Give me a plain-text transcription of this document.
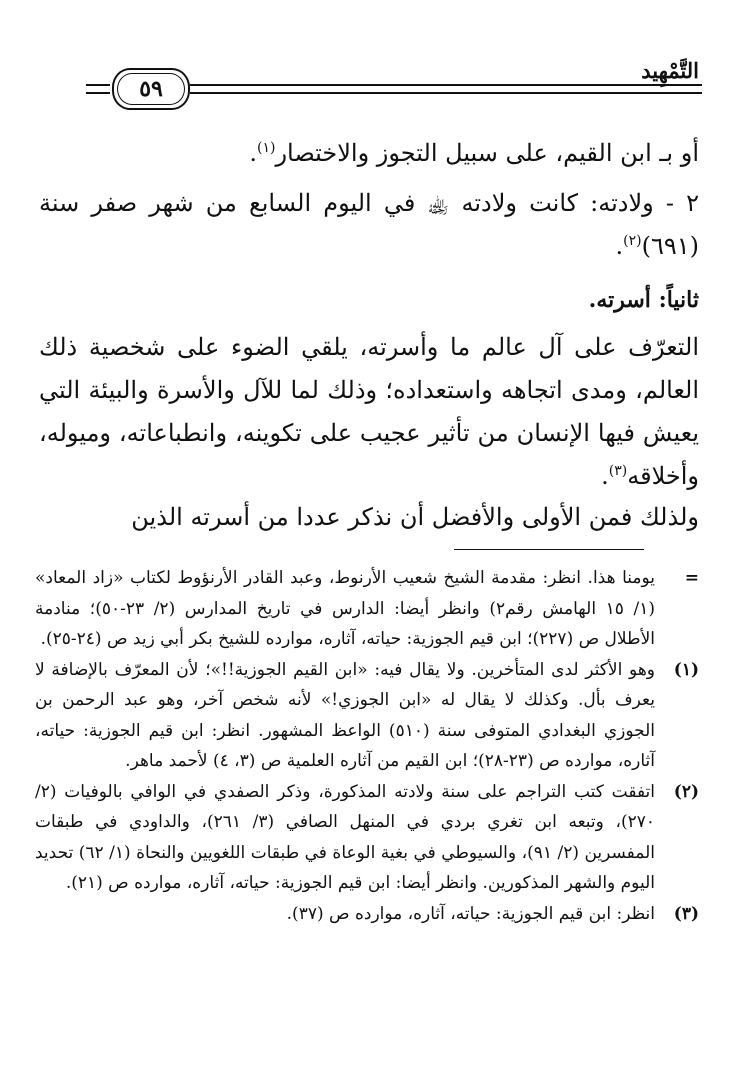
التَّمْهِيد
٥٩
أو بـ ابن القيم، على سبيل التجوز والاختصار$^{(١)}$.
٢ - ولادته: كانت ولادته ﵀ في اليوم السابع من شهر صفر سنة (٦٩١)$^{(٢)}$.
ثانياً: أسرته.
التعرّف على آل عالم ما وأسرته، يلقي الضوء على شخصية ذلك العالم، ومدى اتجاهه واستعداده؛ وذلك لما للآل والأسرة والبيئة التي يعيش فيها الإنسان من تأثير عجيب على تكوينه، وانطباعاته، وميوله، وأخلاقه$^{(٣)}$.
ولذلك فمن الأولى والأفضل أن نذكر عددا من أسرته الذين
=
يومنا هذا. انظر: مقدمة الشيخ شعيب الأرنوط، وعبد القادر الأرنؤوط لكتاب «زاد المعاد» (١/ ١٥ الهامش رقم٢) وانظر أيضا: الدارس في تاريخ المدارس (٢/ ٢٣-٥٠)؛ منادمة الأطلال ص (٢٢٧)؛ ابن قيم الجوزية: حياته، آثاره، موارده للشيخ بكر أبي زيد ص (٢٤-٢٥).
(١)
وهو الأكثر لدى المتأخرين. ولا يقال فيه: «ابن القيم الجوزية!!»؛ لأن المعرّف بالإضافة لا يعرف بأل. وكذلك لا يقال له «ابن الجوزي!» لأنه شخص آخر، وهو عبد الرحمن بن الجوزي البغدادي المتوفى سنة (٥١٠) الواعظ المشهور. انظر: ابن قيم الجوزية: حياته، آثاره، موارده ص (٢٣-٢٨)؛ ابن القيم من آثاره العلمية ص (٣، ٤) لأحمد ماهر.
(٢)
اتفقت كتب التراجم على سنة ولادته المذكورة، وذكر الصفدي في الوافي بالوفيات (٢/ ٢٧٠)، وتبعه ابن تغري بردي في المنهل الصافي (٣/ ٢٦١)، والداودي في طبقات المفسرين (٢/ ٩١)، والسيوطي في بغية الوعاة في طبقات اللغويين والنحاة (١/ ٦٢) تحديد اليوم والشهر المذكورين. وانظر أيضا: ابن قيم الجوزية: حياته، آثاره، موارده ص (٢١).
(٣)
انظر: ابن قيم الجوزية: حياته، آثاره، موارده ص (٣٧).
